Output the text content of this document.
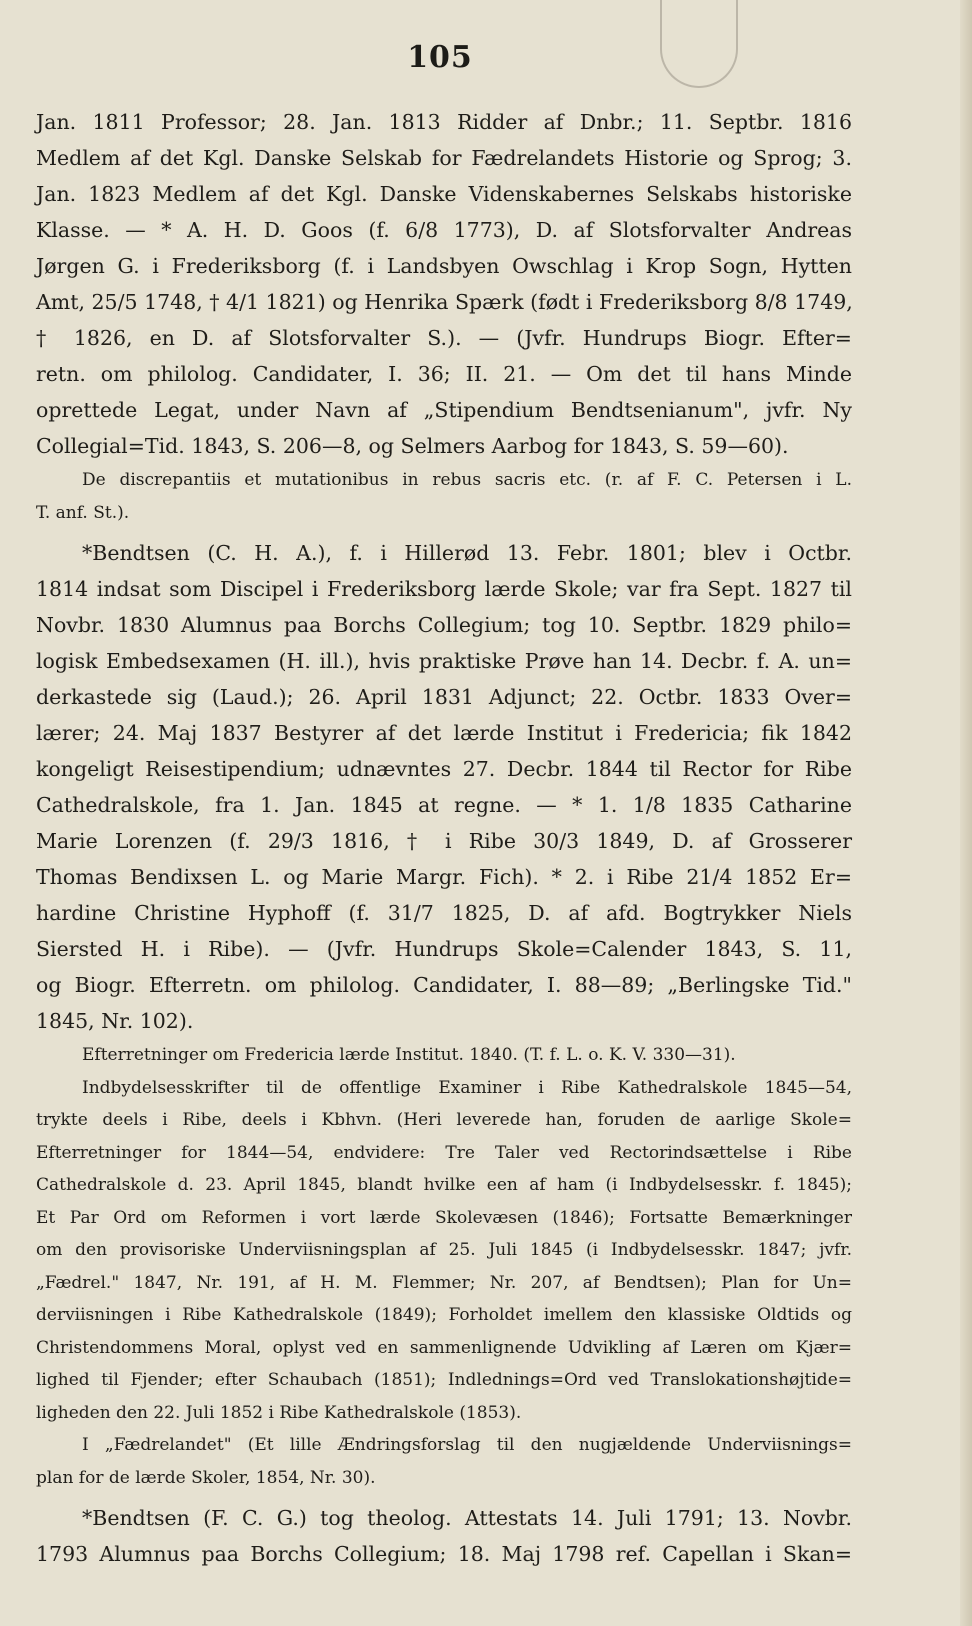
105
Jan. 1811 Professor; 28. Jan. 1813 Ridder af Dnbr.; 11. Septbr. 1816
Medlem af det Kgl. Danske Selskab for Fædrelandets Historie og Sprog; 3.
Jan. 1823 Medlem af det Kgl. Danske Videnskabernes Selskabs historiske
Klasse. — * A. H. D. Goos (f. 6/8 1773), D. af Slotsforvalter Andreas
Jørgen G. i Frederiksborg (f. i Landsbyen Owschlag i Krop Sogn, Hytten
Amt, 25/5 1748, † 4/1 1821) og Henrika Spærk (født i Frederiksborg 8/8 1749,
† 1826, en D. af Slotsforvalter S.). — (Jvfr. Hundrups Biogr. Efter=
retn. om philolog. Candidater, I. 36; II. 21. — Om det til hans Minde
oprettede Legat, under Navn af „Stipendium Bendtsenianum", jvfr. Ny
Collegial=Tid. 1843, S. 206—8, og Selmers Aarbog for 1843, S. 59—60).
De discrepantiis et mutationibus in rebus sacris etc. (r. af F. C. Petersen i L.
T. anf. St.).
*Bendtsen (C. H. A.), f. i Hillerød 13. Febr. 1801; blev i Octbr.
1814 indsat som Discipel i Frederiksborg lærde Skole; var fra Sept. 1827 til
Novbr. 1830 Alumnus paa Borchs Collegium; tog 10. Septbr. 1829 philo=
logisk Embedsexamen (H. ill.), hvis praktiske Prøve han 14. Decbr. f. A. un=
derkastede sig (Laud.); 26. April 1831 Adjunct; 22. Octbr. 1833 Over=
lærer; 24. Maj 1837 Bestyrer af det lærde Institut i Fredericia; fik 1842
kongeligt Reisestipendium; udnævntes 27. Decbr. 1844 til Rector for Ribe
Cathedralskole, fra 1. Jan. 1845 at regne. — * 1. 1/8 1835 Catharine
Marie Lorenzen (f. 29/3 1816, † i Ribe 30/3 1849, D. af Grosserer
Thomas Bendixsen L. og Marie Margr. Fich). * 2. i Ribe 21/4 1852 Er=
hardine Christine Hyphoff (f. 31/7 1825, D. af afd. Bogtrykker Niels
Siersted H. i Ribe). — (Jvfr. Hundrups Skole=Calender 1843, S. 11,
og Biogr. Efterretn. om philolog. Candidater, I. 88—89; „Berlingske Tid."
1845, Nr. 102).
Efterretninger om Fredericia lærde Institut. 1840. (T. f. L. o. K. V. 330—31).
Indbydelsesskrifter til de offentlige Examiner i Ribe Kathedralskole 1845—54,
trykte deels i Ribe, deels i Kbhvn. (Heri leverede han, foruden de aarlige Skole=
Efterretninger for 1844—54, endvidere: Tre Taler ved Rectorindsættelse i Ribe
Cathedralskole d. 23. April 1845, blandt hvilke een af ham (i Indbydelsesskr. f. 1845);
Et Par Ord om Reformen i vort lærde Skolevæsen (1846); Fortsatte Bemærkninger
om den provisoriske Underviisningsplan af 25. Juli 1845 (i Indbydelsesskr. 1847; jvfr.
„Fædrel." 1847, Nr. 191, af H. M. Flemmer; Nr. 207, af Bendtsen); Plan for Un=
derviisningen i Ribe Kathedralskole (1849); Forholdet imellem den klassiske Oldtids og
Christendommens Moral, oplyst ved en sammenlignende Udvikling af Læren om Kjær=
lighed til Fjender; efter Schaubach (1851); Indlednings=Ord ved Translokationshøjtide=
ligheden den 22. Juli 1852 i Ribe Kathedralskole (1853).
I „Fædrelandet" (Et lille Ændringsforslag til den nugjældende Underviisnings=
plan for de lærde Skoler, 1854, Nr. 30).
*Bendtsen (F. C. G.) tog theolog. Attestats 14. Juli 1791; 13. Novbr.
1793 Alumnus paa Borchs Collegium; 18. Maj 1798 ref. Capellan i Skan=
